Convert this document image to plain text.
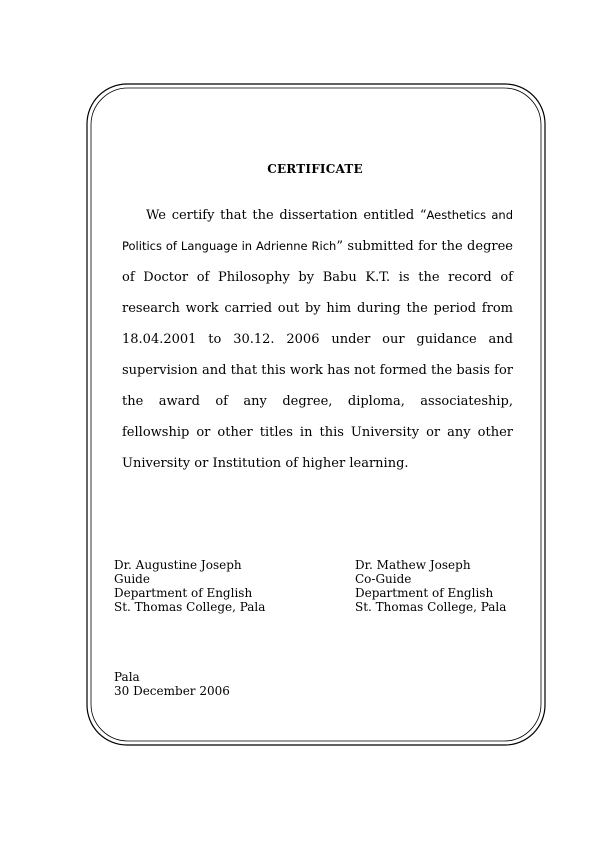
CERTIFICATE

We certify that the dissertation entitled “Aesthetics and Politics of Language in Adrienne Rich” submitted for the degree of Doctor of Philosophy by Babu K.T. is the record of research work carried out by him during the period from 18.04.2001 to 30.12. 2006 under our guidance and supervision and that this work has not formed the basis for the award of any degree, diploma, associateship, fellowship or other titles in this University or any other University or Institution of higher learning.

Dr. Augustine Joseph
Guide
Department of English
St. Thomas College, Pala
Dr. Mathew Joseph
Co-Guide
Department of English
St. Thomas College, Pala
Pala
30 December 2006
